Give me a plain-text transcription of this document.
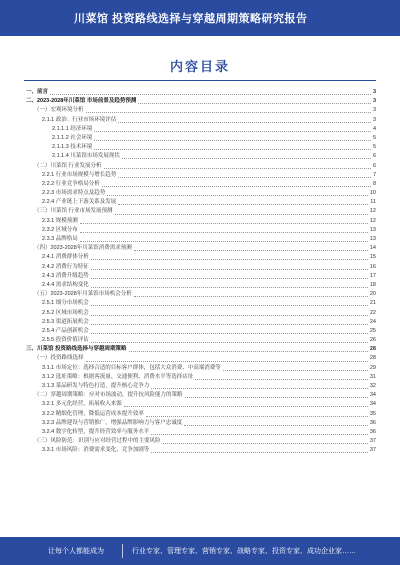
川菜馆 投资路线选择与穿越周期策略研究报告
内容目录
一、前言	3
二、2023-2028年川菜馆 市场前景及趋势预测	3
（一）宏观环境分析	3
2.1.1 政治：行业市场环境评估	3
2.1.1.1 经济环境	4
2.1.1.2 社会环境	5
2.1.1.3 技术环境	5
2.1.1.4 川菜馆市场发展现状	6
（二）川菜馆 行业发展分析	6
2.2.1 行业市场规模与增长趋势	7
2.2.2 行业竞争格局分析	8
2.2.3 市场需求特点及趋势	10
2.2.4 产业链上下游关系及发展	11
（三）川菜馆 行业市场发展预测	12
2.3.1 规模预测	12
2.3.2 区域分布	13
2.3.3 品牌格局	13
（四）2023-2028年川菜馆消费需求预测	14
2.4.1 消费群体分析	15
2.4.2 消费行为特征	16
2.4.3 消费升级趋势	17
2.4.4 需求结构变化	18
（五）2023-2028年川菜馆市场机会分析	20
2.5.1 细分市场机会	21
2.5.2 区域市场机会	22
2.5.3 渠道拓展机会	24
2.5.4 产品创新机会	25
2.5.5 投资价值评估	26
三、川菜馆 投资路线选择与穿越周期策略	28
（一）投资路线选择	28
3.1.1 市场定位：选择合适的目标客户群体，包括大众消费、中高端消费等	29
3.1.2 选址策略：根据客流量、交通便利、消费水平等选择店址	31
3.1.3 菜品研发与特色打造，提升核心竞争力	32
（二）穿越周期策略：应对市场波动，提升抗风险能力的策略	34
3.2.1 多元化经营，拓展收入来源	34
3.2.2 精细化管理，降低运营成本提升效率	35
3.2.3 品牌建设与营销推广，增强品牌影响力与客户忠诚度	36
3.2.4 数字化转型，提升经营效率与服务水平	36
（三）风险防范：识别与应对经营过程中的主要风险	37
3.3.1 市场风险：消费需求变化、竞争加剧等	37
让每个人都能成为	行业专家、管理专家、营销专家、战略专家、投资专家、成功企业家……
